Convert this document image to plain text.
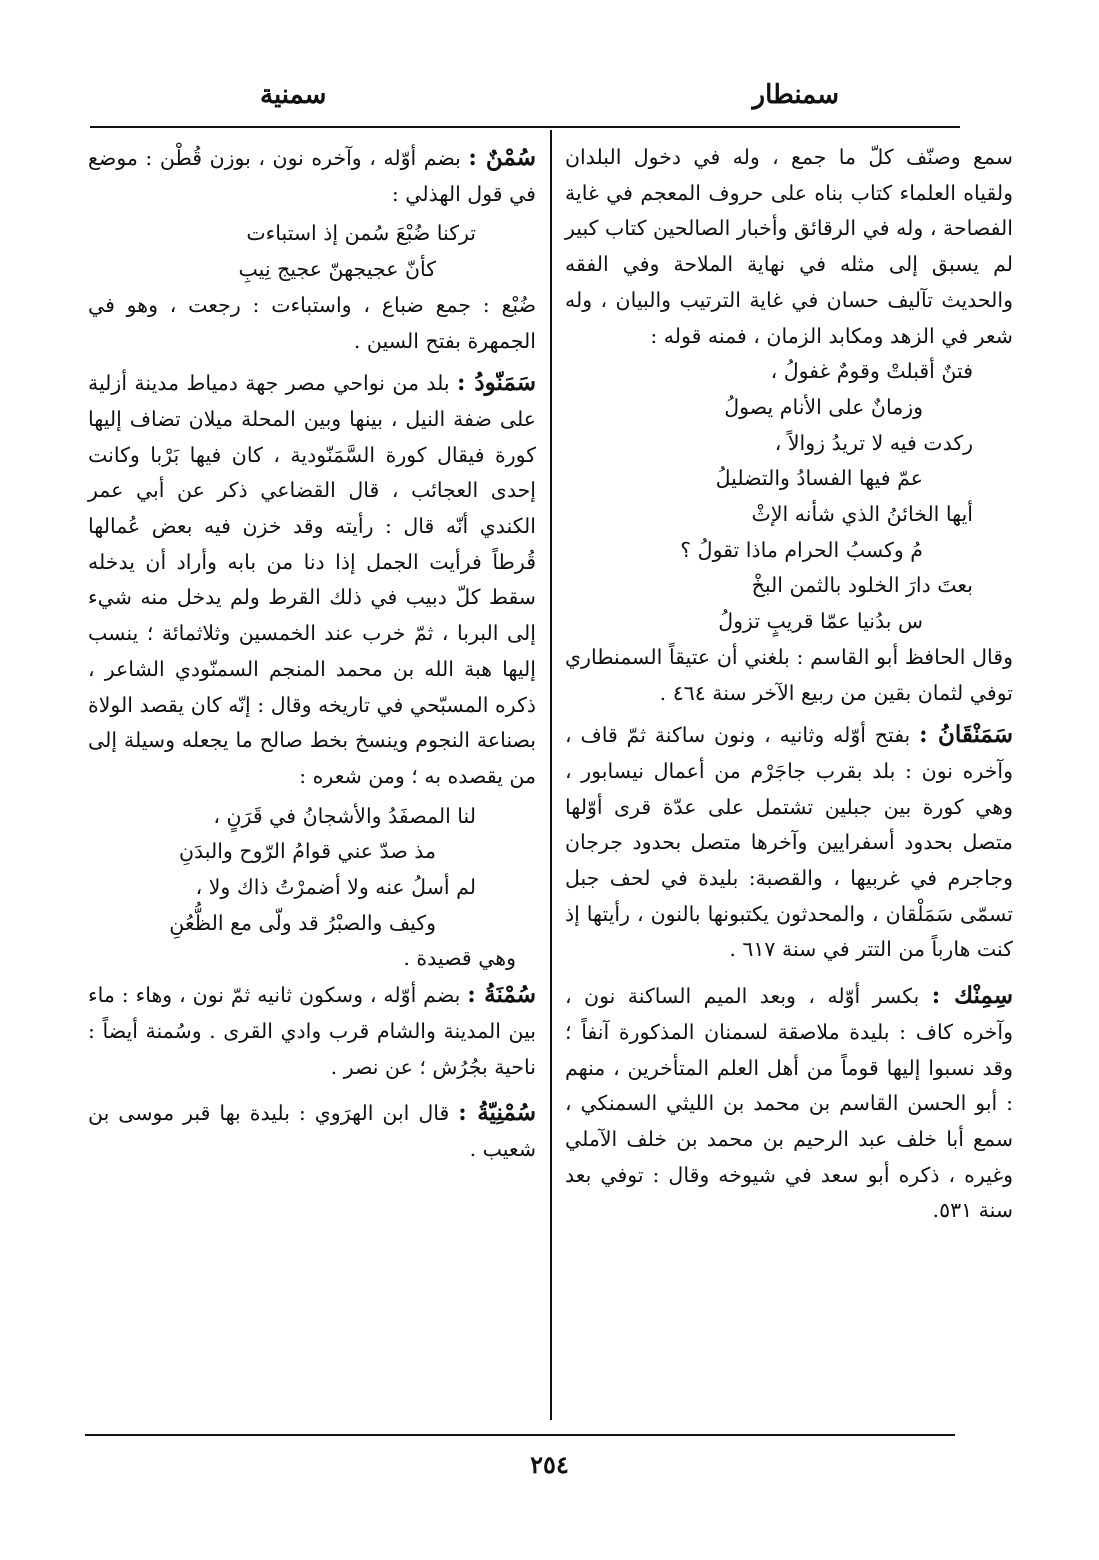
سمنطار
سمنية

سمع وصنّف كلّ ما جمع ، وله في دخول البلدان ولقياه العلماء كتاب بناه على حروف المعجم في غاية الفصاحة ، وله في الرقائق وأخبار الصالحين كتاب كبير لم يسبق إلى مثله في نهاية الملاحة وفي الفقه والحديث تآليف حسان في غاية الترتيب والبيان ، وله شعر في الزهد ومكابد الزمان ، فمنه قوله :

فتنٌ أقبلتْ وقومٌ غفولُ ،
وزمانٌ على الأنام يصولُ
ركدت فيه لا تريدُ زوالاً ،
عمّ فيها الفسادُ والتضليلُ
أيها الخائنُ الذي شأنه الإثْ
مُ وكسبُ الحرام ماذا تقولُ ؟
بعتَ دارَ الخلود بالثمن البخْ
س بدُنيا عمّا قريبٍ تزولُ

وقال الحافظ أبو القاسم : بلغني أن عتيقاً السمنطاري توفي لثمان بقين من ربيع الآخر سنة ٤٦٤ .

سَمَنْقَانُ : بفتح أوّله وثانيه ، ونون ساكنة ثمّ قاف ، وآخره نون : بلد بقرب جاجَرْم من أعمال نيسابور ، وهي كورة بين جبلين تشتمل على عدّة قرى أوّلها متصل بحدود أسفرايين وآخرها متصل بحدود جرجان وجاجرم في غربيها ، والقصبة: بليدة في لحف جبل تسمّى سَمَلْقان ، والمحدثون يكتبونها بالنون ، رأيتها إذ كنت هارباً من التتر في سنة ٦١٧ .

سِمِنْك : بكسر أوّله ، وبعد الميم الساكنة نون ، وآخره كاف : بليدة ملاصقة لسمنان المذكورة آنفاً ؛ وقد نسبوا إليها قوماً من أهل العلم المتأخرين ، منهم : أبو الحسن القاسم بن محمد بن الليثي السمنكي ، سمع أبا خلف عبد الرحيم بن محمد بن خلف الآملي وغيره ، ذكره أبو سعد في شيوخه وقال : توفي بعد سنة ٥٣١.

سُمْنٌ : بضم أوّله ، وآخره نون ، بوزن قُطْن : موضع في قول الهذلي :

تركنا ضُبْعَ سُمن إذ استباءت
كأنّ عجيجهنّ عجيج نِيبِ

ضُبْع : جمع ضباع ، واستباءت : رجعت ، وهو في الجمهرة بفتح السين .

سَمَنّودُ : بلد من نواحي مصر جهة دمياط مدينة أزلية على ضفة النيل ، بينها وبين المحلة ميلان تضاف إليها كورة فيقال كورة السَّمَنّودية ، كان فيها بَرْبا وكانت إحدى العجائب ، قال القضاعي ذكر عن أبي عمر الكندي أنّه قال : رأيته وقد خزن فيه بعض عُمالها قُرطاً فرأيت الجمل إذا دنا من بابه وأراد أن يدخله سقط كلّ دبيب في ذلك القرط ولم يدخل منه شيء إلى البربا ، ثمّ خرب عند الخمسين وثلاثمائة ؛ ينسب إليها هبة الله بن محمد المنجم السمنّودي الشاعر ، ذكره المسبّحي في تاريخه وقال : إنّه كان يقصد الولاة بصناعة النجوم وينسخ بخط صالح ما يجعله وسيلة إلى من يقصده به ؛ ومن شعره :

لنا المصفَدُ والأشجانُ في قَرَنٍ ،
مذ صدّ عني قوامُ الرّوح والبدَنِ
لم أسلُ عنه ولا أضمرْتُ ذاك ولا ،
وكيف والصبْرُ قد ولّى مع الظُّعُنِ

وهي قصيدة .

سُمْنَةُ : بضم أوّله ، وسكون ثانيه ثمّ نون ، وهاء : ماء بين المدينة والشام قرب وادي القرى . وسُمنة أيضاً : ناحية بجُرُش ؛ عن نصر .

سُمْنِيّةُ : قال ابن الهرَوي : بليدة بها قبر موسى بن شعيب .

٢٥٤
